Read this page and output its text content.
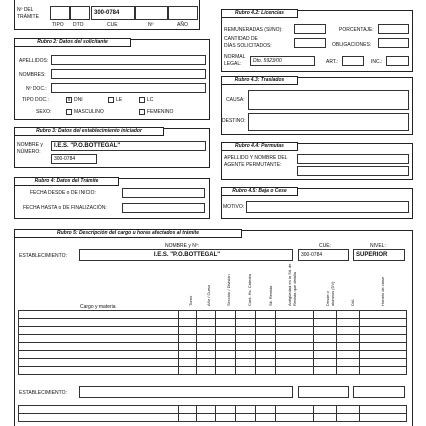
Nº DEL
TRÁMITE
300-0784
TIPO DTO	CUE	Nº	AÑO
Rubro 2: Datos del solicitante
APELLIDOS:
NOMBRES:
Nº DOC.:
TIPO DOC.:	x DNI	LE	LC
SEXO:	MASCULINO	FEMENINO
Rubro 3: Datos del establecimiento iniciador
NOMBRE y
NÚMERO:
I.E.S. "P.O.BOTTEGAL"
300-0784
Rubro 4: Datos del Trámite
FECHA DESDE o DE INICIO:
FECHA HASTA o DE FINALIZACIÓN:
Rubro 4.2: Licencias
REMUNERADAS (SI/NO):	PORCENTAJE:
CANTIDAD DE
DÍAS SOLICITADOS:	OBLIGACIONES:
NORMAL
LEGAL:	Dto. 5923/00	ART.:	INC.:
Rubro 4.3: Traslados
CAUSA:
DESTINO:
Rubro 4.4: Permutas
APELLIDO Y NOMBRE DEL
AGENTE PERMUTANTE:
Rubro 4.5: Baja o Cese
MOTIVO:
Rubro 5: Descripción del cargo u horas afectados al trámite
NOMBRE y Nº:	CUE:	NIVEL:
ESTABLECIMIENTO:	I.E.S. "P.O.BOTTEGAL"	300-0784	SUPERIOR
Cargo y materia
Turno	Año / Curso	Sección / División	Cant. Hs. Cátedra	Sit. Revista	Antigüedad en la Sit. de Revista que detalla	Desde o alumnos (DV)	DIA	Horario de clase

ESTABLECIMIENTO:
